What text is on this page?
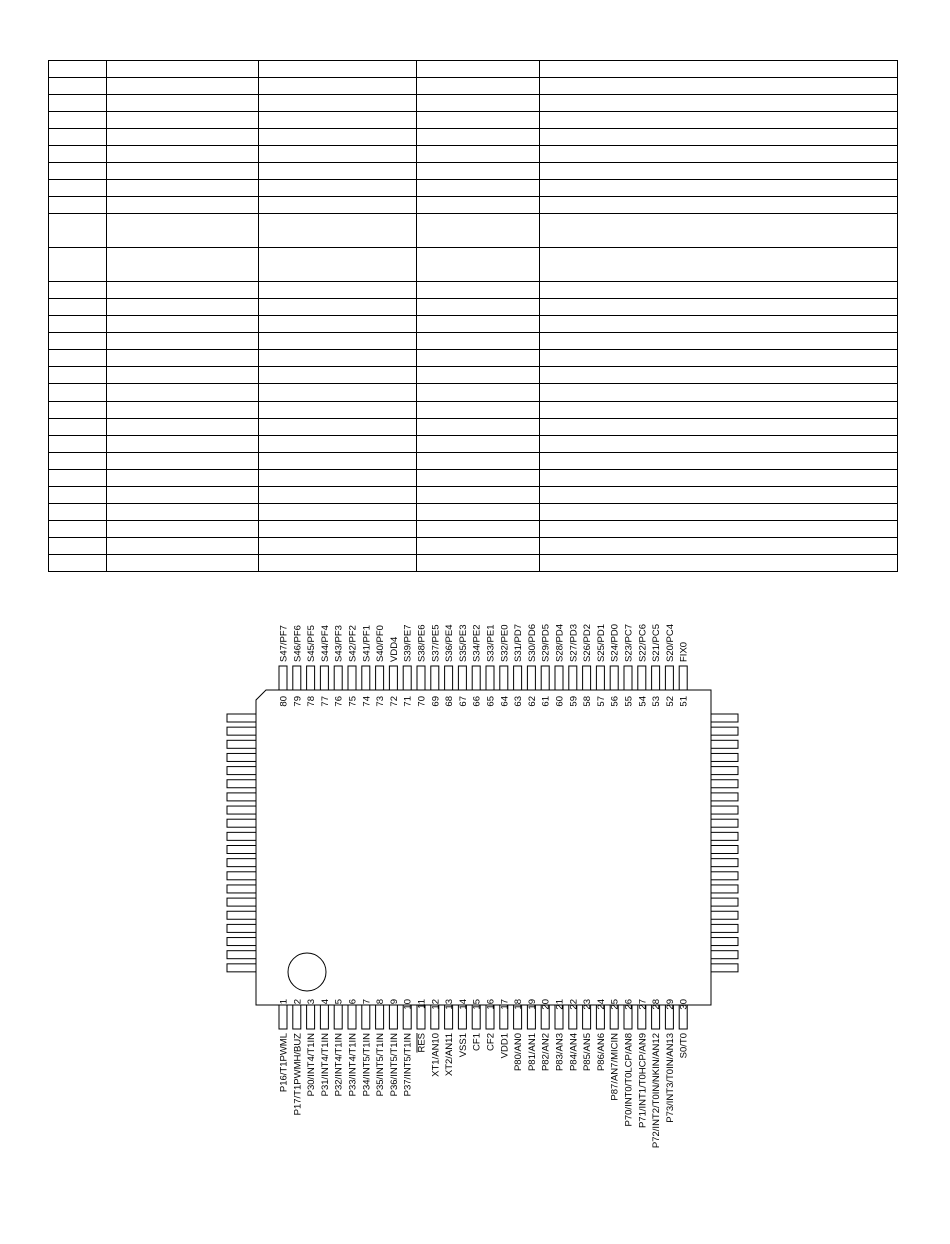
80
S47/PF7
79
S46/PF6
78
S45/PF5
77
S44/PF4
76
S43/PF3
75
S42/PF2
74
S41/PF1
73
S40/PF0
72
VDD4
71
S39/PE7
70
S38/PE6
69
S37/PE5
68
S36/PE4
67
S35/PE3
66
S34/PE2
65
S33/PE1
64
S32/PE0
63
S31/PD7
62
S30/PD6
61
S29/PD5
60
S28/PD4
59
S27/PD3
58
S26/PD2
57
S25/PD1
56
S24/PD0
55
S23/PC7
54
S22/PC6
53
S21/PC5
52
S20/PC4
51
FIX0
1
P16/T1PWML
2
P17/T1PWMH/BUZ
3
P30/INT4/T1IN
4
P31/INT4/T1IN
5
P32/INT4/T1IN
6
P33/INT4/T1IN
7
P34/INT5/T1IN
8
P35/INT5/T1IN
9
P36/INT5/T1IN
10
P37/INT5/T1IN
11
RES
12
XT1/AN10
13
XT2/AN11
14
VSS1
15
CF1
16
CF2
17
VDD1
18
P80/AN0
19
P81/AN1
20
P82/AN2
21
P83/AN3
22
P84/AN4
23
P85/AN5
24
P86/AN6
25
P87/AN7/MICIN
26
P70/INT0/T0LCP/AN8
27
P71/INT1/T0HCP/AN9
28
P72/INT2/T0IN/NKIN/AN12
29
P73/INT3/T0IN/AN13
30
S0/T0
